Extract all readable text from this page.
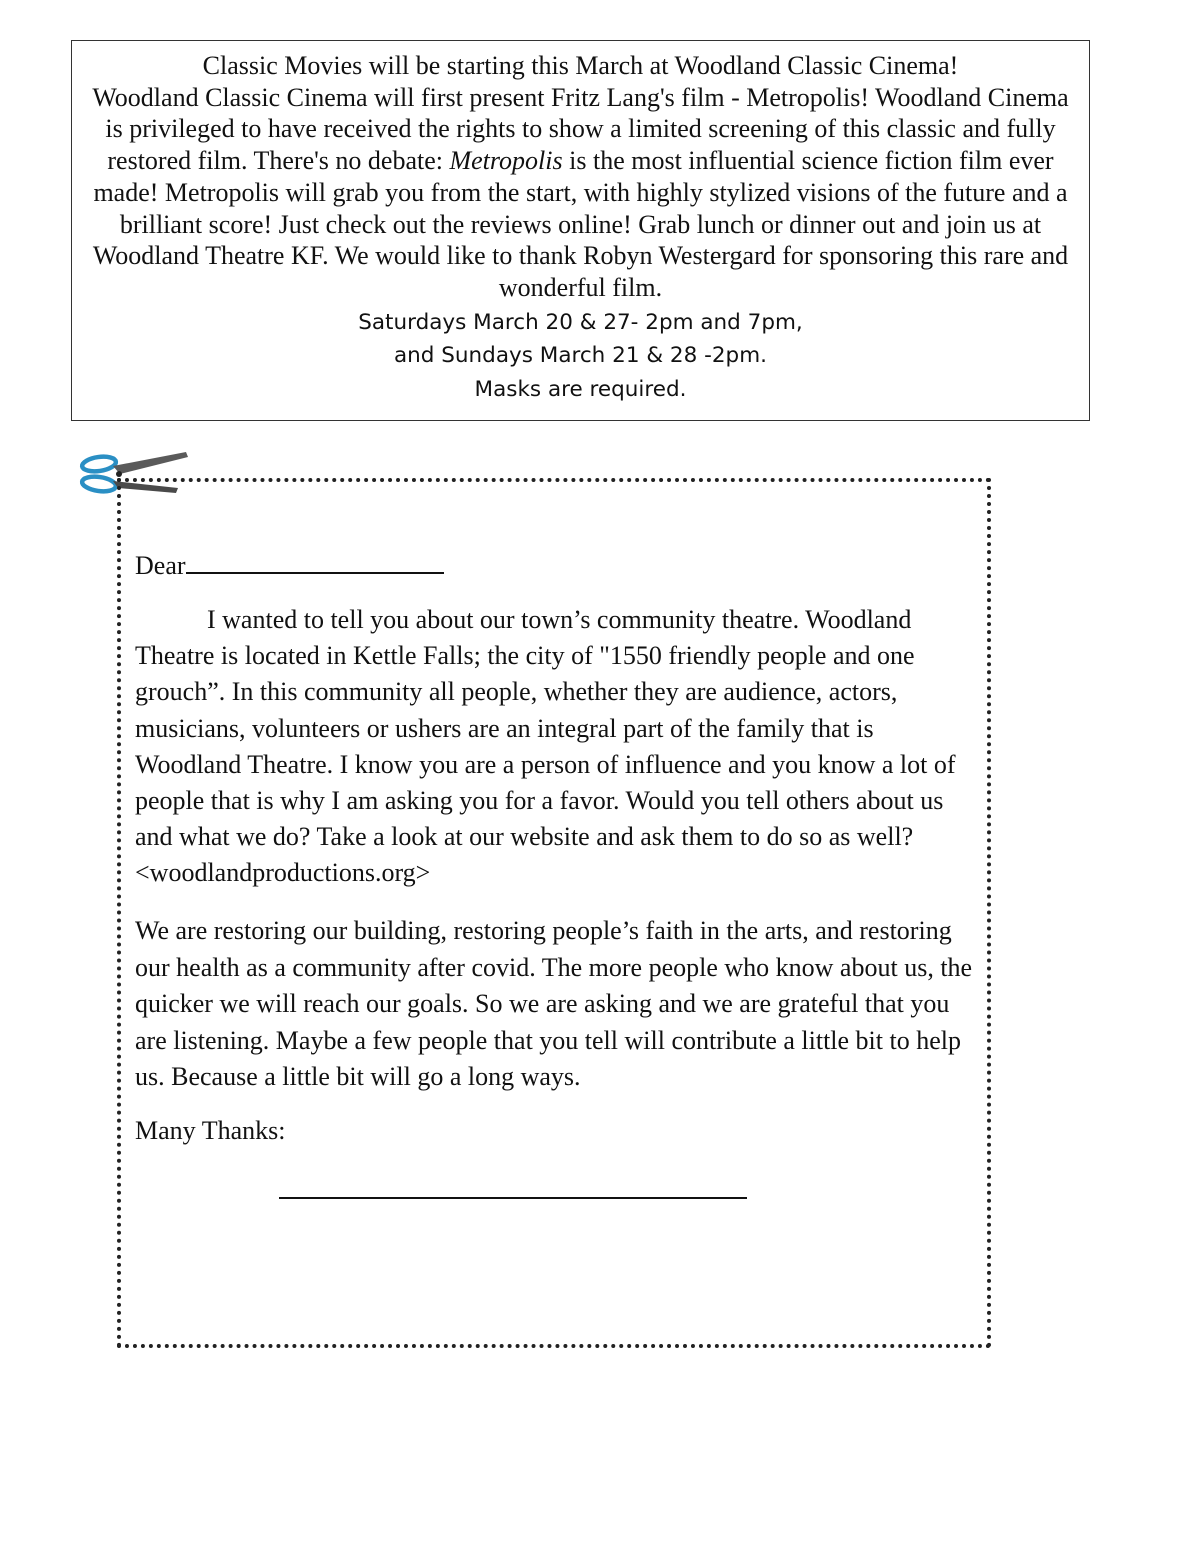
Classic Movies will be starting this March at Woodland Classic Cinema!
Woodland Classic Cinema will first present Fritz Lang's film - Metropolis! Woodland Cinema is privileged to have received the rights to show a limited screening of this classic and fully restored film. There's no debate: Metropolis is the most influential science fiction film ever made! Metropolis will grab you from the start, with highly stylized visions of the future and a brilliant score! Just check out the reviews online! Grab lunch or dinner out and join us at Woodland Theatre KF. We would like to thank Robyn Westergard for sponsoring this rare and wonderful film.
Saturdays March 20 & 27- 2pm and 7pm,
and Sundays March 21 & 28 -2pm.
Masks are required.
Dear

I wanted to tell you about our town’s community theatre. Woodland Theatre is located in Kettle Falls; the city of "1550 friendly people and one grouch”. In this community all people, whether they are audience, actors, musicians, volunteers or ushers are an integral part of the family that is Woodland Theatre. I know you are a person of influence and you know a lot of people that is why I am asking you for a favor. Would you tell others about us and what we do? Take a look at our website and ask them to do so as well? <woodlandproductions.org>

We are restoring our building, restoring people’s faith in the arts, and restoring our health as a community after covid. The more people who know about us, the quicker we will reach our goals. So we are asking and we are grateful that you are listening. Maybe a few people that you tell will contribute a little bit to help us. Because a little bit will go a long ways.

Many Thanks:
